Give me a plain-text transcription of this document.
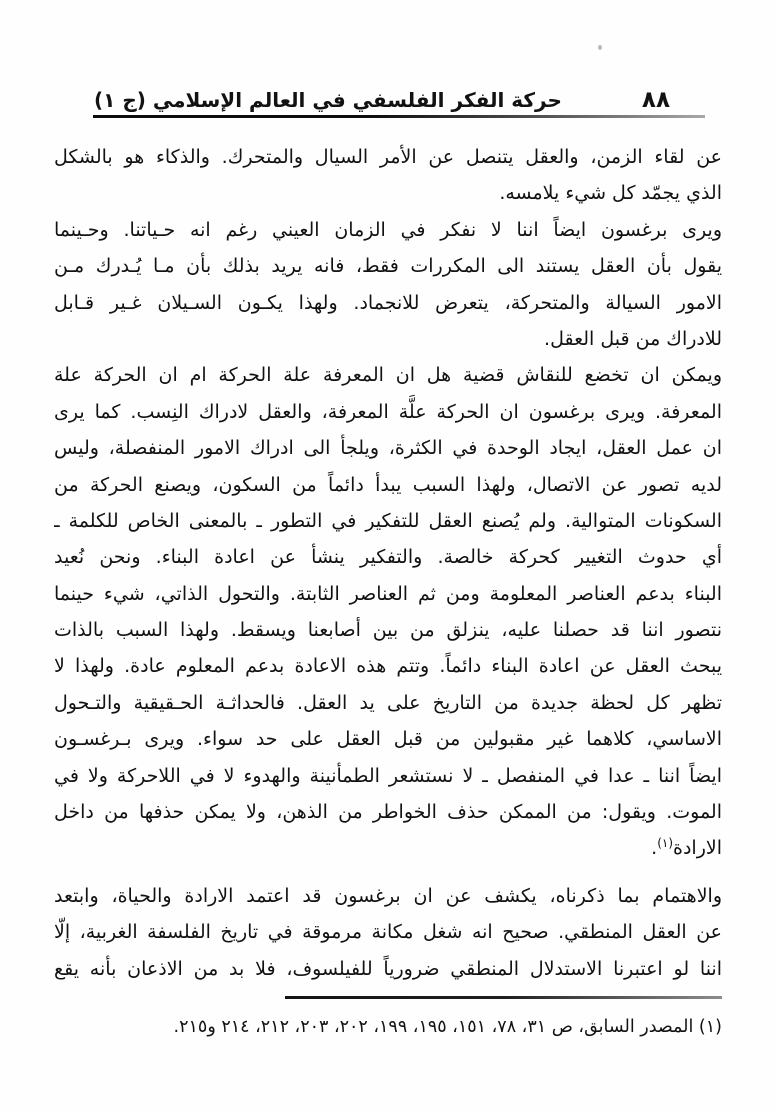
حركة الفكر الفلسفي في العالم الإسلامي (ج ١)	٨٨
عن لقاء الزمن، والعقل يتنصل عن الأمر السيال والمتحرك. والذكاء هو بالشكل
الذي يجمّد كل شيء يلامسه.
ويرى برغسون ايضاً اننا لا نفكر في الزمان العيني رغم انه حـياتنا. وحـينما
يقول بأن العقل يستند الى المكررات فقط، فانه يريد بذلك بأن مـا يُـدرك مـن
الامور السيالة والمتحركة، يتعرض للانجماد. ولهذا يكـون السـيلان غـير قـابل
للادراك من قبل العقل.
ويمكن ان تخضع للنقاش قضية هل ان المعرفة علة الحركة ام ان الحركة علة
المعرفة. ويرى برغسون ان الحركة علَّة المعرفة، والعقل لادراك النِسب. كما يرى
ان عمل العقل، ايجاد الوحدة في الكثرة، ويلجأ الى ادراك الامور المنفصلة، وليس
لديه تصور عن الاتصال، ولهذا السبب يبدأ دائماً من السكون، ويصنع الحركة من
السكونات المتوالية. ولم يُصنع العقل للتفكير في التطور ـ بالمعنى الخاص للكلمة ـ
أي حدوث التغيير كحركة خالصة. والتفكير ينشأ عن اعادة البناء. ونحن نُعيد
البناء بدعم العناصر المعلومة ومن ثم العناصر الثابتة. والتحول الذاتي، شيء حينما
نتصور اننا قد حصلنا عليه، ينزلق من بين أصابعنا ويسقط. ولهذا السبب بالذات
يبحث العقل عن اعادة البناء دائماً. وتتم هذه الاعادة بدعم المعلوم عادة. ولهذا لا
تظهر كل لحظة جديدة من التاريخ على يد العقل. فالحداثـة الحـقيقية والتـحول
الاساسي، كلاهما غير مقبولين من قبل العقل على حد سواء. ويرى بـرغسـون
ايضاً اننا ـ عدا في المنفصل ـ لا نستشعر الطمأنينة والهدوء لا في اللاحركة ولا في
الموت. ويقول: من الممكن حذف الخواطر من الذهن، ولا يمكن حذفها من داخل
الارادة$^{(١)}$.
والاهتمام بما ذكرناه، يكشف عن ان برغسون قد اعتمد الارادة والحياة، وابتعد
عن العقل المنطقي. صحيح انه شغل مكانة مرموقة في تاريخ الفلسفة الغربية، إلّا
اننا لو اعتبرنا الاستدلال المنطقي ضرورياً للفيلسوف، فلا بد من الاذعان بأنه يقع
(١) المصدر السابق، ص ٣١، ٧٨، ١٥١، ١٩٥، ١٩٩، ٢٠٢، ٢٠٣، ٢١٢، ٢١٤ و٢١٥.
